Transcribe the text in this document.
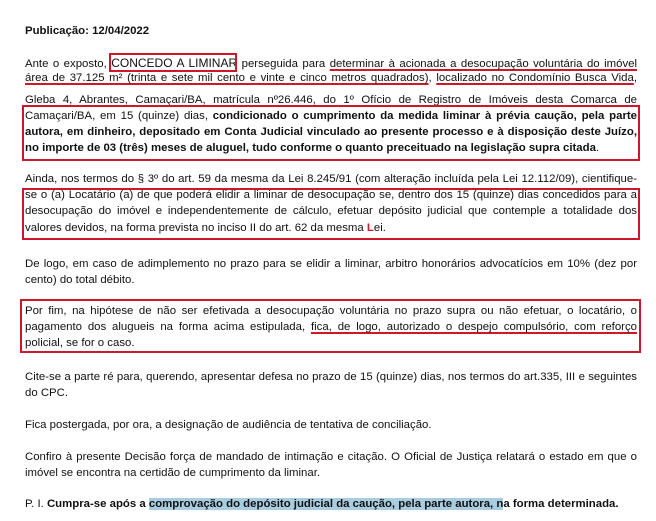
Publicação: 12/04/2022
Ante o exposto, CONCEDO A LIMINAR perseguida para determinar à acionada a desocupação voluntária do imóvel
área de 37.125 m² (trinta e sete mil cento e vinte e cinco metros quadrados), localizado no Condomínio Busca Vida,
Gleba 4, Abrantes, Camaçari/BA, matrícula nº26.446, do 1º Ofício de Registro de Imóveis desta Comarca de
Camaçari/BA, em 15 (quinze) dias, condicionado o cumprimento da medida liminar à prévia caução, pela parte
autora, em dinheiro, depositado em Conta Judicial vinculado ao presente processo e à disposição deste Juízo,
no importe de 03 (três) meses de aluguel, tudo conforme o quanto preceituado na legislação supra citada.
Ainda, nos termos do § 3º do art. 59 da mesma da Lei 8.245/91 (com alteração incluída pela Lei 12.112/09), cientifique-
se o (a) Locatário (a) de que poderá elidir a liminar de desocupação se, dentro dos 15 (quinze) dias concedidos para a
desocupação do imóvel e independentemente de cálculo, efetuar depósito judicial que contemple a totalidade dos
valores devidos, na forma prevista no inciso II do art. 62 da mesma Lei.
De logo, em caso de adimplemento no prazo para se elidir a liminar, arbitro honorários advocatícios em 10% (dez por
cento) do total débito.
Por fim, na hipótese de não ser efetivada a desocupação voluntária no prazo supra ou não efetuar, o locatário, o
pagamento dos alugueis na forma acima estipulada, fica, de logo, autorizado o despejo compulsório, com reforço
policial, se for o caso.
Cite-se a parte ré para, querendo, apresentar defesa no prazo de 15 (quinze) dias, nos termos do art.335, III e seguintes
do CPC.
Fica postergada, por ora, a designação de audiência de tentativa de conciliação.
Confiro à presente Decisão força de mandado de intimação e citação. O Oficial de Justiça relatará o estado em que o
imóvel se encontra na certidão de cumprimento da liminar.
P. I. Cumpra-se após a comprovação do depósito judicial da caução, pela parte autora, na forma determinada.
